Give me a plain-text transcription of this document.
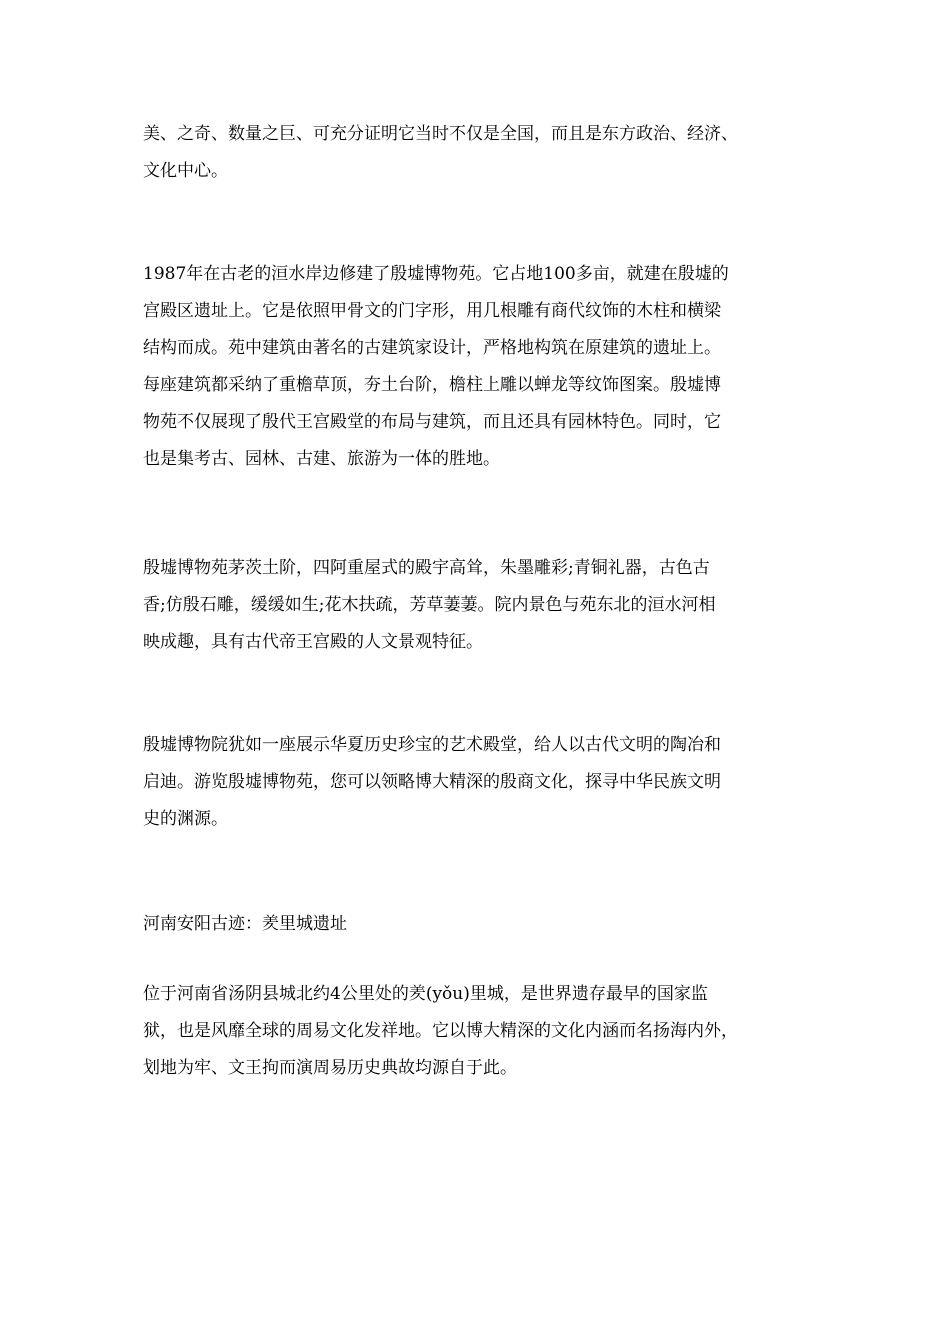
美、之奇、数量之巨、可充分证明它当时不仅是全国，而且是东方政治、经济、
文化中心。
1987年在古老的洹水岸边修建了殷墟博物苑。它占地100多亩，就建在殷墟的
宫殿区遗址上。它是依照甲骨文的门字形，用几根雕有商代纹饰的木柱和横梁
结构而成。苑中建筑由著名的古建筑家设计，严格地构筑在原建筑的遗址上。
每座建筑都采纳了重檐草顶，夯土台阶，檐柱上雕以蝉龙等纹饰图案。殷墟博
物苑不仅展现了殷代王宫殿堂的布局与建筑，而且还具有园林特色。同时，它
也是集考古、园林、古建、旅游为一体的胜地。
殷墟博物苑茅茨土阶，四阿重屋式的殿宇高耸，朱墨雕彩;青铜礼器，古色古
香;仿殷石雕，缓缓如生;花木扶疏，芳草萋萋。院内景色与苑东北的洹水河相
映成趣，具有古代帝王宫殿的人文景观特征。
殷墟博物院犹如一座展示华夏历史珍宝的艺术殿堂，给人以古代文明的陶冶和
启迪。游览殷墟博物苑，您可以领略博大精深的殷商文化，探寻中华民族文明
史的渊源。
河南安阳古迹：羑里城遗址
位于河南省汤阴县城北约4公里处的羑(yǒu)里城，是世界遗存最早的国家监
狱，也是风靡全球的周易文化发祥地。它以博大精深的文化内涵而名扬海内外，
划地为牢、文王拘而演周易历史典故均源自于此。
